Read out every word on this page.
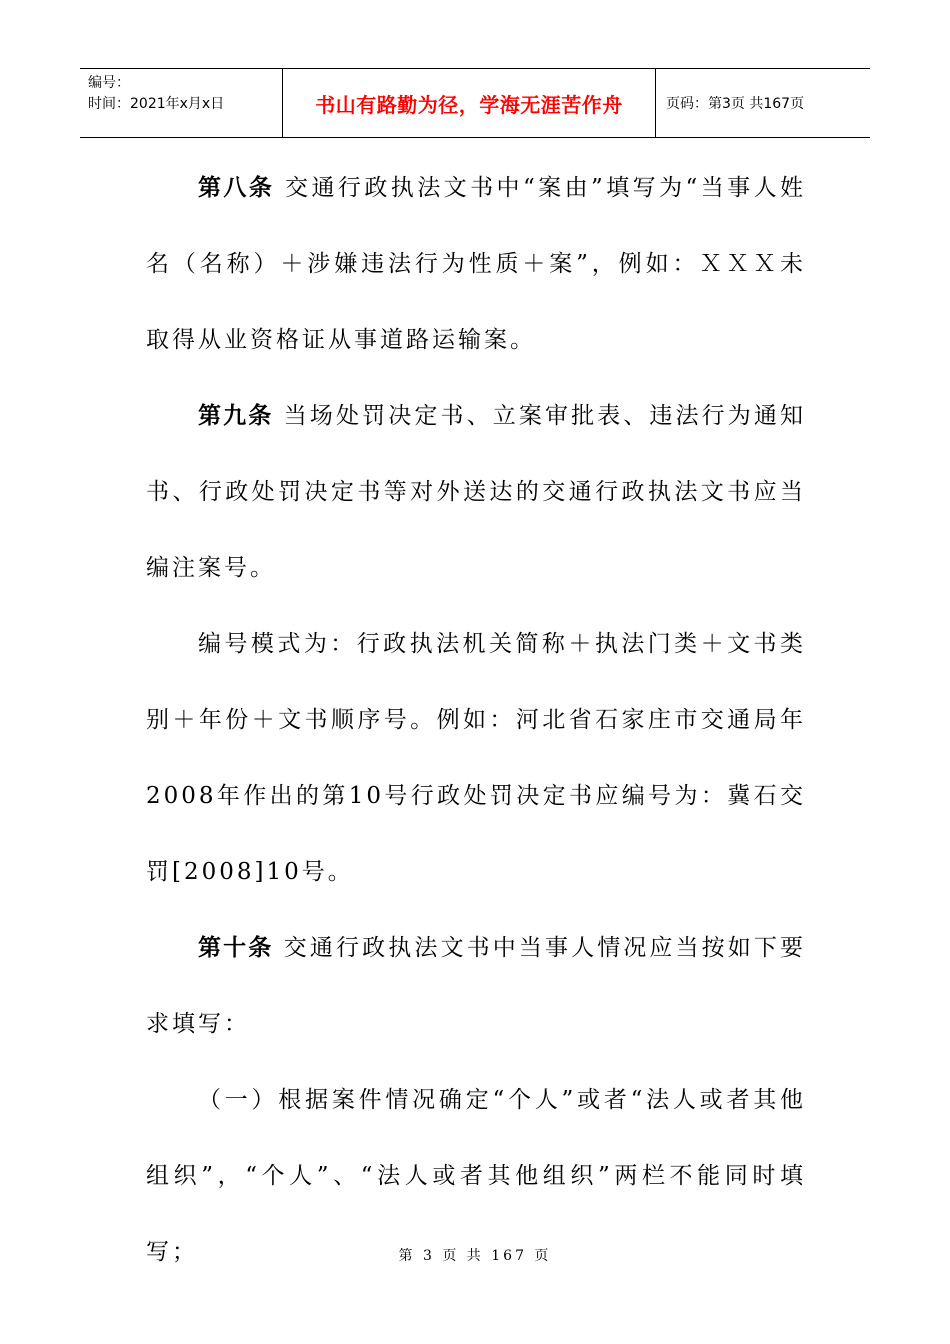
编号：
时间：2021年x月x日	书山有路勤为径，学海无涯苦作舟	页码：第3页 共167页

第八条 交通行政执法文书中“案由”填写为“当事人姓名（名称）＋涉嫌违法行为性质＋案”，例如：ＸＸＸ未取得从业资格证从事道路运输案。

第九条 当场处罚决定书、立案审批表、违法行为通知书、行政处罚决定书等对外送达的交通行政执法文书应当编注案号。

编号模式为：行政执法机关简称＋执法门类＋文书类别＋年份＋文书顺序号。例如：河北省石家庄市交通局年2008年作出的第10号行政处罚决定书应编号为：冀石交罚[2008]10号。

第十条 交通行政执法文书中当事人情况应当按如下要求填写：

（一）根据案件情况确定“个人”或者“法人或者其他组织”，“个人”、“法人或者其他组织”两栏不能同时填写；	第 3 页 共 167 页
